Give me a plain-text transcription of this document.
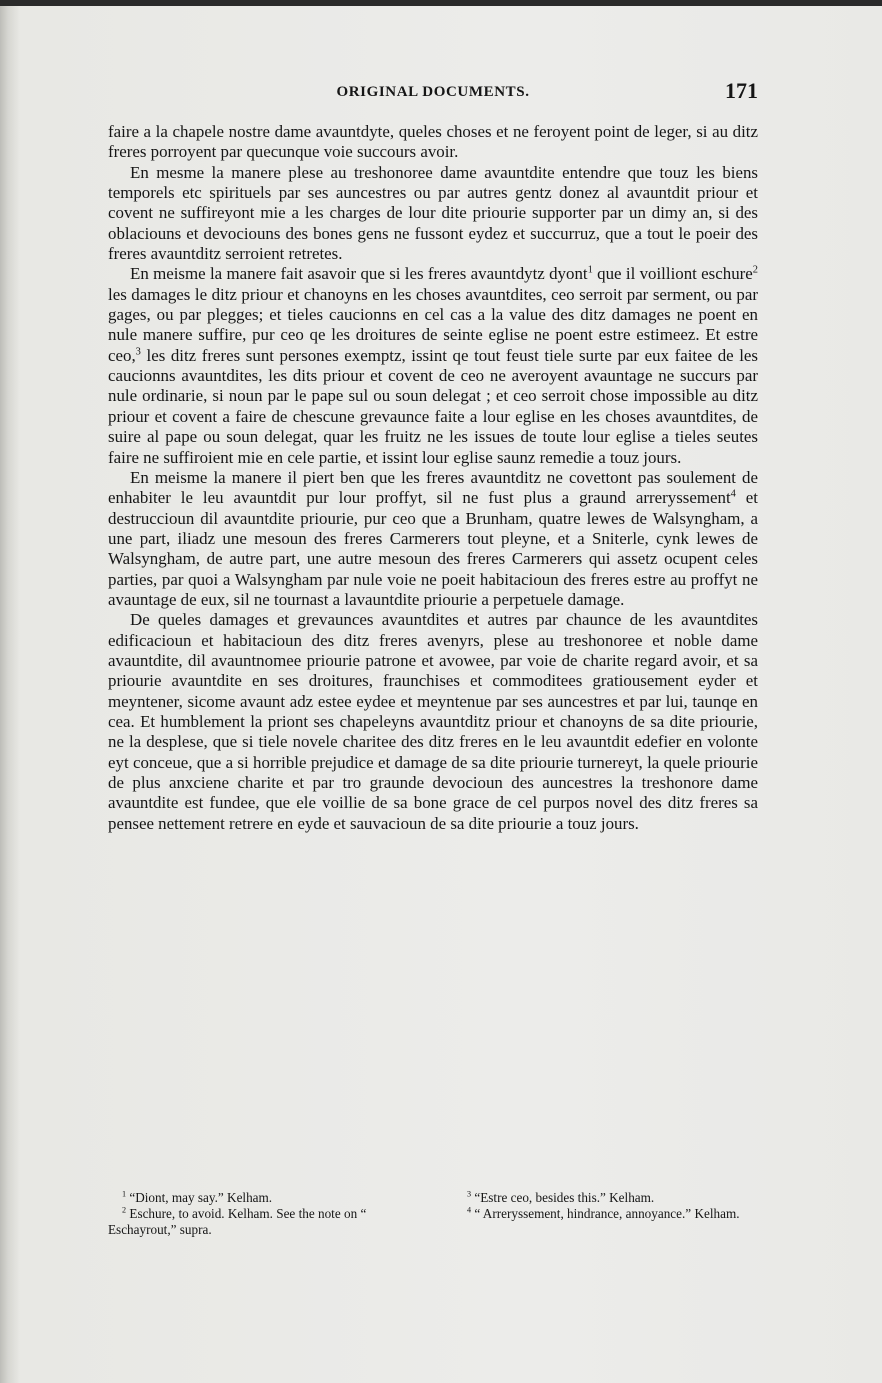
ORIGINAL DOCUMENTS.	171

faire a la chapele nostre dame avauntdyte, queles choses et ne feroyent point de leger, si au ditz freres porroyent par quecunque voie succours avoir.

En mesme la manere plese au treshonoree dame avauntdite entendre que touz les biens temporels etc spirituels par ses auncestres ou par autres gentz donez al avauntdit priour et covent ne suffireyont mie a les charges de lour dite priourie supporter par un dimy an, si des oblaciouns et devociouns des bones gens ne fussont eydez et succurruz, que a tout le poeir des freres avauntditz serroient retretes.

En meisme la manere fait asavoir que si les freres avauntdytz dyont$^1$ que il voilliont eschure$^2$ les damages le ditz priour et chanoyns en les choses avauntdites, ceo serroit par serment, ou par gages, ou par plegges; et tieles caucionns en cel cas a la value des ditz damages ne poent en nule manere suffire, pur ceo qe les droitures de seinte eglise ne poent estre estimeez. Et estre ceo,$^3$ les ditz freres sunt persones exemptz, issint qe tout feust tiele surte par eux faitee de les caucionns avauntdites, les dits priour et covent de ceo ne averoyent avauntage ne succurs par nule ordinarie, si noun par le pape sul ou soun delegat ; et ceo serroit chose impossible au ditz priour et covent a faire de chescune grevaunce faite a lour eglise en les choses avauntdites, de suire al pape ou soun delegat, quar les fruitz ne les issues de toute lour eglise a tieles seutes faire ne suffiroient mie en cele partie, et issint lour eglise saunz remedie a touz jours.

En meisme la manere il piert ben que les freres avauntditz ne covettont pas soulement de enhabiter le leu avauntdit pur lour proffyt, sil ne fust plus a graund arreryssement$^4$ et destruccioun dil avauntdite priourie, pur ceo que a Brunham, quatre lewes de Walsyngham, a une part, iliadz une mesoun des freres Carmerers tout pleyne, et a Sniterle, cynk lewes de Walsyngham, de autre part, une autre mesoun des freres Carmerers qui assetz ocupent celes parties, par quoi a Walsyngham par nule voie ne poeit habitacioun des freres estre au proffyt ne avauntage de eux, sil ne tournast a lavauntdite priourie a perpetuele damage.

De queles damages et grevaunces avauntdites et autres par chaunce de les avauntdites edificacioun et habitacioun des ditz freres avenyrs, plese au treshonoree et noble dame avauntdite, dil avauntnomee priourie patrone et avowee, par voie de charite regard avoir, et sa priourie avauntdite en ses droitures, fraunchises et commoditees gratiousement eyder et meyntener, sicome avaunt adz estee eydee et meyntenue par ses auncestres et par lui, taunqe en cea. Et humblement la priont ses chapeleyns avauntditz priour et chanoyns de sa dite priourie, ne la desplese, que si tiele novele charitee des ditz freres en le leu avauntdit edefier en volonte eyt conceue, que a si horrible prejudice et damage de sa dite priourie turnereyt, la quele priourie de plus anxciene charite et par tro graunde devocioun des auncestres la treshonore dame avauntdite est fundee, que ele voillie de sa bone grace de cel purpos novel des ditz freres sa pensee nettement retrere en eyde et sauvacioun de sa dite priourie a touz jours.

$^1$ “Diont, may say.” Kelham.

$^2$ Eschure, to avoid. Kelham. See the note on “ Eschayrout,” supra.

$^3$ “Estre ceo, besides this.” Kelham.

$^4$ “ Arreryssement, hindrance, annoyance.” Kelham.
